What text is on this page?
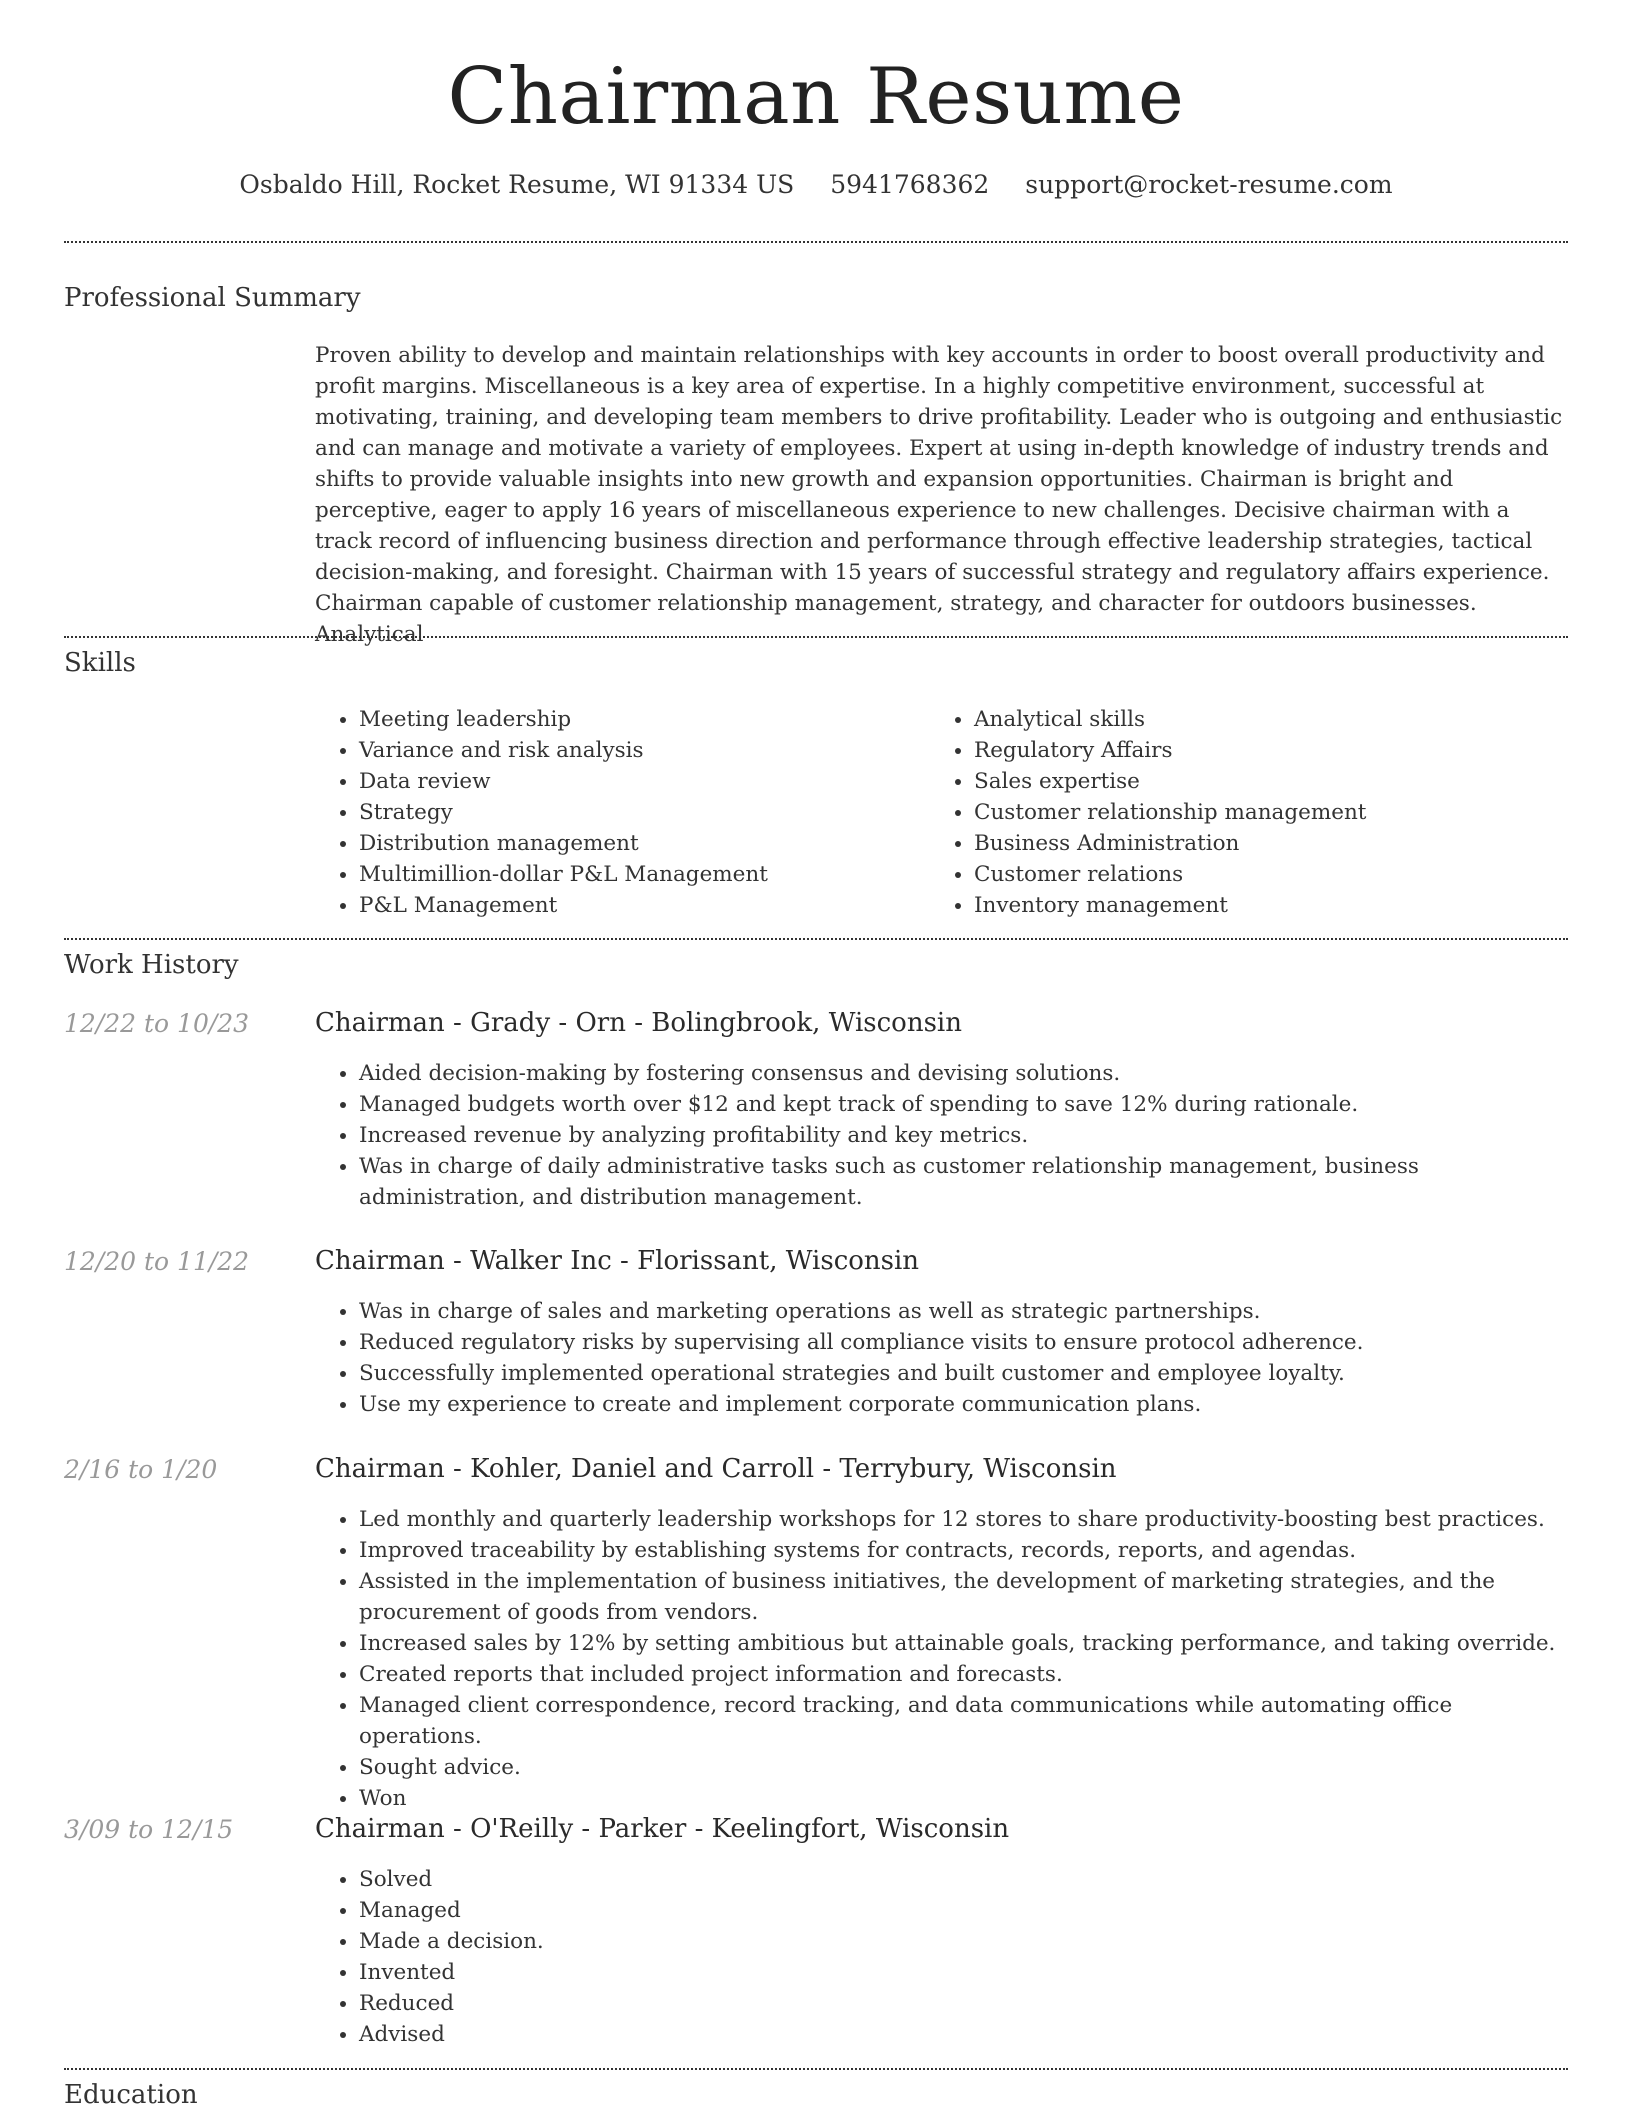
Chairman Resume
Osbaldo Hill, Rocket Resume, WI 91334 US 5941768362 support@rocket-resume.com
Professional Summary
Proven ability to develop and maintain relationships with key accounts in order to boost overall productivity and profit margins. Miscellaneous is a key area of expertise. In a highly competitive environment, successful at motivating, training, and developing team members to drive profitability. Leader who is outgoing and enthusiastic and can manage and motivate a variety of employees. Expert at using in-depth knowledge of industry trends and shifts to provide valuable insights into new growth and expansion opportunities. Chairman is bright and perceptive, eager to apply 16 years of miscellaneous experience to new challenges. Decisive chairman with a track record of influencing business direction and performance through effective leadership strategies, tactical decision-making, and foresight. Chairman with 15 years of successful strategy and regulatory affairs experience. Chairman capable of customer relationship management, strategy, and character for outdoors businesses. Analytical
Skills
• Meeting leadership
• Variance and risk analysis
• Data review
• Strategy
• Distribution management
• Multimillion-dollar P&L Management
• P&L Management
• Analytical skills
• Regulatory Affairs
• Sales expertise
• Customer relationship management
• Business Administration
• Customer relations
• Inventory management
Work History
12/22 to 10/23	Chairman - Grady - Orn - Bolingbrook, Wisconsin
• Aided decision-making by fostering consensus and devising solutions.
• Managed budgets worth over $12 and kept track of spending to save 12% during rationale.
• Increased revenue by analyzing profitability and key metrics.
• Was in charge of daily administrative tasks such as customer relationship management, business administration, and distribution management.
12/20 to 11/22	Chairman - Walker Inc - Florissant, Wisconsin
• Was in charge of sales and marketing operations as well as strategic partnerships.
• Reduced regulatory risks by supervising all compliance visits to ensure protocol adherence.
• Successfully implemented operational strategies and built customer and employee loyalty.
• Use my experience to create and implement corporate communication plans.
2/16 to 1/20	Chairman - Kohler, Daniel and Carroll - Terrybury, Wisconsin
• Led monthly and quarterly leadership workshops for 12 stores to share productivity-boosting best practices.
• Improved traceability by establishing systems for contracts, records, reports, and agendas.
• Assisted in the implementation of business initiatives, the development of marketing strategies, and the procurement of goods from vendors.
• Increased sales by 12% by setting ambitious but attainable goals, tracking performance, and taking override.
• Created reports that included project information and forecasts.
• Managed client correspondence, record tracking, and data communications while automating office operations.
• Sought advice.
• Won
3/09 to 12/15	Chairman - O'Reilly - Parker - Keelingfort, Wisconsin
• Solved
• Managed
• Made a decision.
• Invented
• Reduced
• Advised
Education
